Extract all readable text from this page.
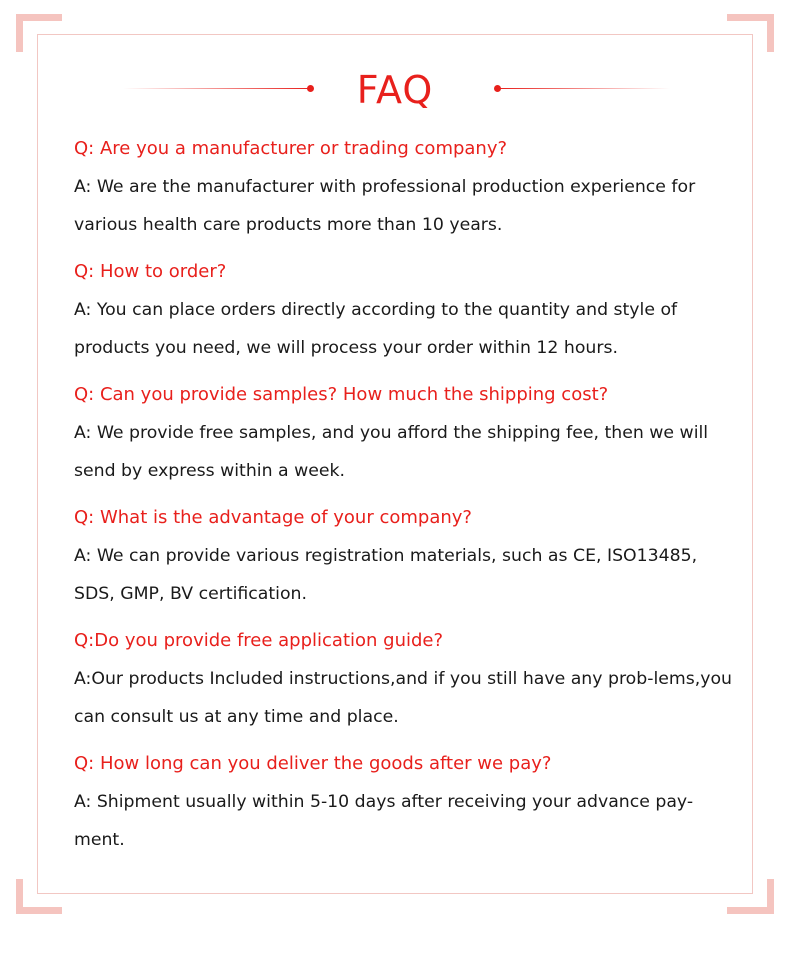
FAQ
Q: Are you a manufacturer or trading company?
A: We are the manufacturer with professional production experience for various health care products more than 10 years.
Q: How to order?
A: You can place orders directly according to the quantity and style of products you need, we will process your order within 12 hours.
Q: Can you provide samples? How much the shipping cost?
A: We provide free samples, and you afford the shipping fee, then we will send by express within a week.
Q: What is the advantage of your company?
A: We can provide various registration materials, such as CE, ISO13485, SDS, GMP, BV certification.
Q:Do you provide free application guide?
A:Our products Included instructions,and if you still have any prob-lems,you can consult us at any time and place.
Q: How long can you deliver the goods after we pay?
A: Shipment usually within 5-10 days after receiving your advance pay-ment.
